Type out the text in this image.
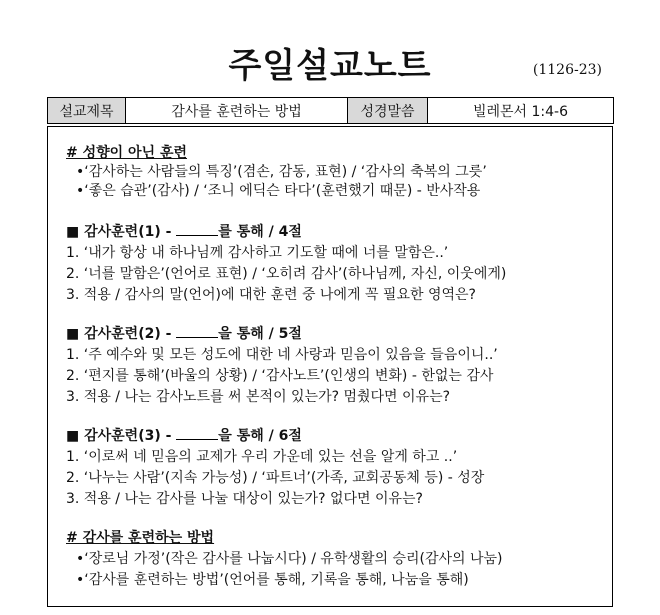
주일설교노트	(1126-23)
설교제목	감사를 훈련하는 방법	성경말씀	빌레몬서 1:4-6
# 성향이 아닌 훈련
•‘감사하는 사람들의 특징’(겸손, 감동, 표현) / ‘감사의 축복의 그릇’
•‘좋은 습관’(감사) / ‘조니 에딕슨 타다’(훈련했기 때문) - 반사작용
■ 감사훈련(1) -	를 통해 / 4절
1. ‘내가 항상 내 하나님께 감사하고 기도할 때에 너를 말함은..’
2. ‘너를 말함은’(언어로 표현) / ‘오히려 감사’(하나님께, 자신, 이웃에게)
3. 적용 / 감사의 말(언어)에 대한 훈련 중 나에게 꼭 필요한 영역은?
■ 감사훈련(2) -	을 통해 / 5절
1. ‘주 예수와 및 모든 성도에 대한 네 사랑과 믿음이 있음을 들음이니..’
2. ‘편지를 통해’(바울의 상황) / ‘감사노트’(인생의 변화) - 한없는 감사
3. 적용 / 나는 감사노트를 써 본적이 있는가? 멈췄다면 이유는?
■ 감사훈련(3) -	을 통해 / 6절
1. ‘이로써 네 믿음의 교제가 우리 가운데 있는 선을 알게 하고 ..’
2. ‘나누는 사람’(지속 가능성) / ‘파트너’(가족, 교회공동체 등) - 성장
3. 적용 / 나는 감사를 나눌 대상이 있는가? 없다면 이유는?
# 감사를 훈련하는 방법
•‘장로님 가정’(작은 감사를 나눕시다) / 유학생활의 승리(감사의 나눔)
•‘감사를 훈련하는 방법’(언어를 통해, 기록을 통해, 나눔을 통해)
